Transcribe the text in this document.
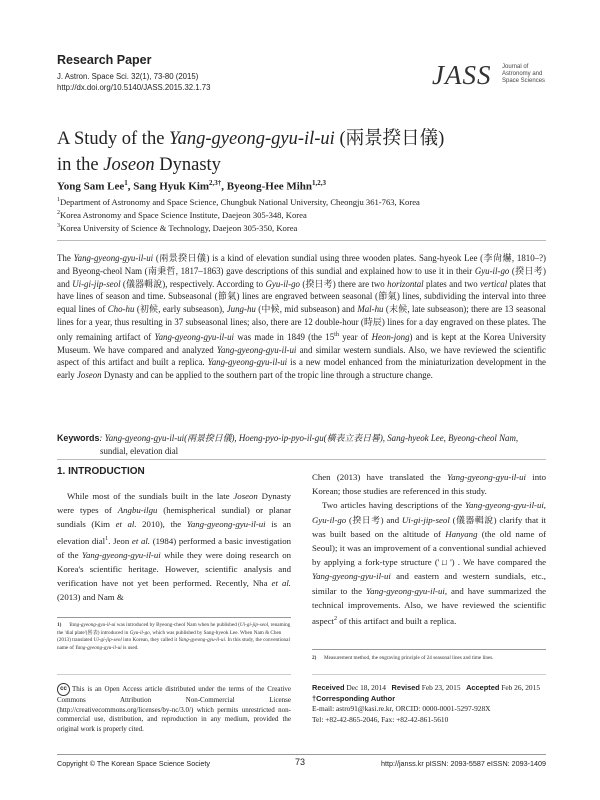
Research Paper
J. Astron. Space Sci. 32(1), 73-80 (2015)
http://dx.doi.org/10.5140/JASS.2015.32.1.73	JASS Journal of
Astronomy and
Space Sciences
A Study of the Yang-gyeong-gyu-il-ui (兩景揆日儀)
in the Joseon Dynasty
Yong Sam Lee$^1$, Sang Hyuk Kim$^{2,3\dagger}$, Byeong-Hee Mihn$^{1,2,3}$
$^1$Department of Astronomy and Space Science, Chungbuk National University, Cheongju 361-763, Korea
$^2$Korea Astronomy and Space Science Institute, Daejeon 305-348, Korea
$^3$Korea University of Science & Technology, Daejeon 305-350, Korea
The Yang-gyeong-gyu-il-ui (兩景揆日儀) is a kind of elevation sundial using three wooden plates. Sang-hyeok Lee (李尙爀, 1810–?) and Byeong-cheol Nam (南秉哲, 1817–1863) gave descriptions of this sundial and explained how to use it in their Gyu-il-go (揆日考) and Ui-gi-jip-seol (儀器輯說), respectively. According to Gyu-il-go (揆日考) there are two horizontal plates and two vertical plates that have lines of season and time. Subseasonal (節氣) lines are engraved between seasonal (節氣) lines, subdividing the interval into three equal lines of Cho-hu (初候, early subseason), Jung-hu (中候, mid subseason) and Mal-hu (末候, late subseason); there are 13 seasonal lines for a year, thus resulting in 37 subseasonal lines; also, there are 12 double-hour (時辰) lines for a day engraved on these plates. The only remaining artifact of Yang-gyeong-gyu-il-ui was made in 1849 (the 15th year of Heon-jong) and is kept at the Korea University Museum. We have compared and analyzed Yang-gyeong-gyu-il-ui and similar western sundials. Also, we have reviewed the scientific aspect of this artifact and built a replica. Yang-gyeong-gyu-il-ui is a new model enhanced from the miniaturization development in the early Joseon Dynasty and can be applied to the southern part of the tropic line through a structure change.
Keywords: Yang-gyeong-gyu-il-ui(兩景揆日儀), Hoeng-pyo-ip-pyo-il-gu(橫表立表日晷), Sang-hyeok Lee, Byeong-cheol Nam,
sundial, elevation dial
1. INTRODUCTION

While most of the sundials built in the late Joseon Dynasty were types of Angbu-ilgu (hemispherical sundial) or planar sundials (Kim et al. 2010), the Yang-gyeong-gyu-il-ui is an elevation dial$^1$. Jeon et al. (1984) performed a basic investigation of the Yang-gyeong-gyu-il-ui while they were doing research on Korea's scientific heritage. However, scientific analysis and verification have not yet been performed. Recently, Nha et al. (2013) and Nam &

Chen (2013) have translated the Yang-gyeong-gyu-il-ui into Korean; those studies are referenced in this study.

Two articles having descriptions of the Yang-gyeong-gyu-il-ui, Gyu-il-go (揆日考) and Ui-gi-jip-seol (儀器輯說) clarify that it was built based on the altitude of Hanyang (the old name of Seoul); it was an improvement of a conventional sundial achieved by applying a fork-type structure ('ㄩ') . We have compared the Yang-gyeong-gyu-il-ui and eastern and western sundials, etc., similar to the Yang-gyeong-gyu-il-ui, and have summarized the technical improvements. Also, we have reviewed the scientific aspect$^2$ of this artifact and built a replica.

1) Yang-gyeong-gyu-il-ui was introduced by Byeong-cheol Nam when he published (Ui-gi-jip-seol, renaming the 'dial plate'(晷表) introduced in Gyu-il-go, which was published by Sang-hyeok Lee. When Nam & Chen (2013) translated Ui-gi-jip-seol into Korean, they called it Yang-gyeong-gyu-il-ui. In this study, the conventional name of Yang-gyeong-gyu-il-ui is used.
2) Measurement method, the engraving principle of 24 seasonal lines and time lines.
cc This is an Open Access article distributed under the terms of the Creative Commons Attribution Non-Commercial License (http://creativecommons.org/licenses/by-nc/3.0/) which permits unrestricted non-commercial use, distribution, and reproduction in any medium, provided the original work is properly cited.
Received Dec 18, 2014 Revised Feb 23, 2015 Accepted Feb 26, 2015
†Corresponding Author
E-mail: astro91@kasi.re.kr, ORCID: 0000-0001-5297-928X
Tel: +82-42-865-2046, Fax: +82-42-861-5610
Copyright © The Korean Space Science Society	73	http://janss.kr pISSN: 2093-5587 eISSN: 2093-1409
